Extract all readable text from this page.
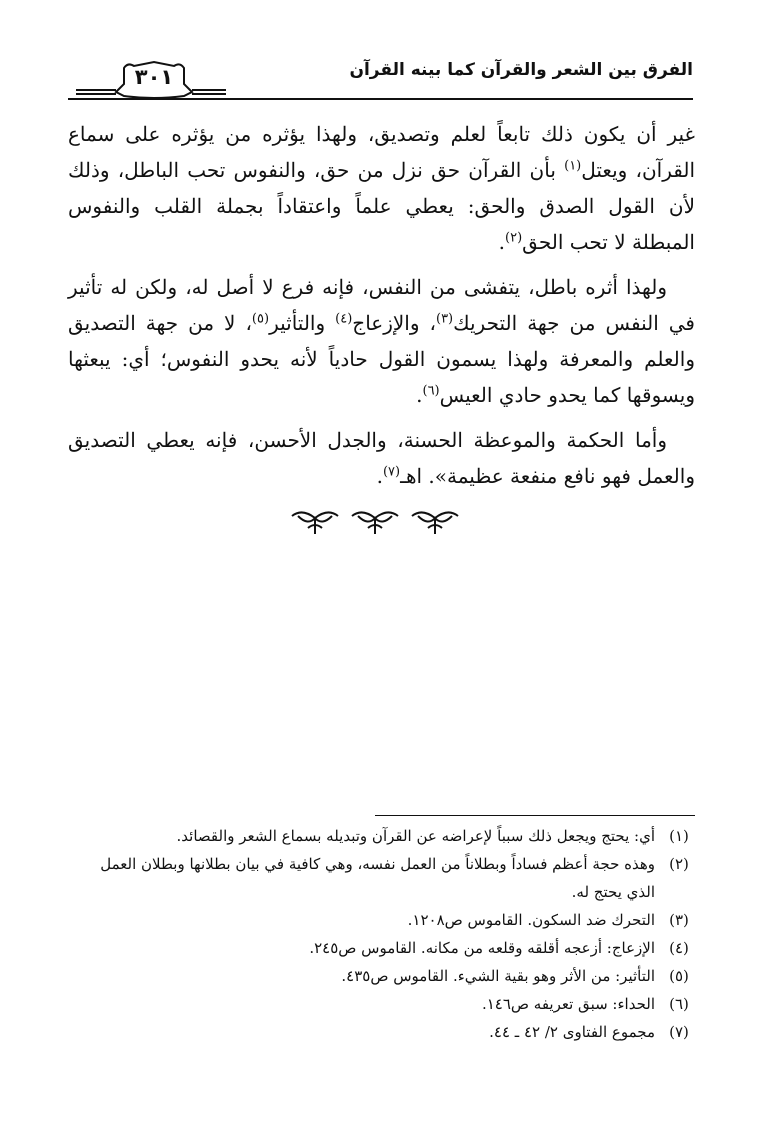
الفرق بين الشعر والقرآن كما بينه القرآن
٣٠١

غير أن يكون ذلك تابعاً لعلم وتصديق، ولهذا يؤثره من يؤثره على سماع القرآن، ويعتل$^{(١)}$ بأن القرآن حق نزل من حق، والنفوس تحب الباطل، وذلك لأن القول الصدق والحق: يعطي علماً واعتقاداً بجملة القلب والنفوس المبطلة لا تحب الحق$^{(٢)}$.

ولهذا أثره باطل، يتفشى من النفس، فإنه فرع لا أصل له، ولكن له تأثير في النفس من جهة التحريك$^{(٣)}$، والإزعاج$^{(٤)}$ والتأثير$^{(٥)}$، لا من جهة التصديق والعلم والمعرفة ولهذا يسمون القول حادياً لأنه يحدو النفوس؛ أي: يبعثها ويسوقها كما يحدو حادي العيس$^{(٦)}$.

وأما الحكمة والموعظة الحسنة، والجدل الأحسن، فإنه يعطي التصديق والعمل فهو نافع منفعة عظيمة». اهـ$^{(٧)}$.

(١)
أي: يحتج ويجعل ذلك سبباً لإعراضه عن القرآن وتبديله بسماع الشعر والقصائد.
(٢)
وهذه حجة أعظم فساداً وبطلاناً من العمل نفسه، وهي كافية في بيان بطلانها وبطلان العمل الذي يحتج له.
(٣)
التحرك ضد السكون. القاموس ص١٢٠٨.
(٤)
الإزعاج: أزعجه أقلقه وقلعه من مكانه. القاموس ص٢٤٥.
(٥)
التأثير: من الأثر وهو بقية الشيء. القاموس ص٤٣٥.
(٦)
الحداء: سبق تعريفه ص١٤٦.
(٧)
مجموع الفتاوى ٢/ ٤٢ ـ ٤٤.
